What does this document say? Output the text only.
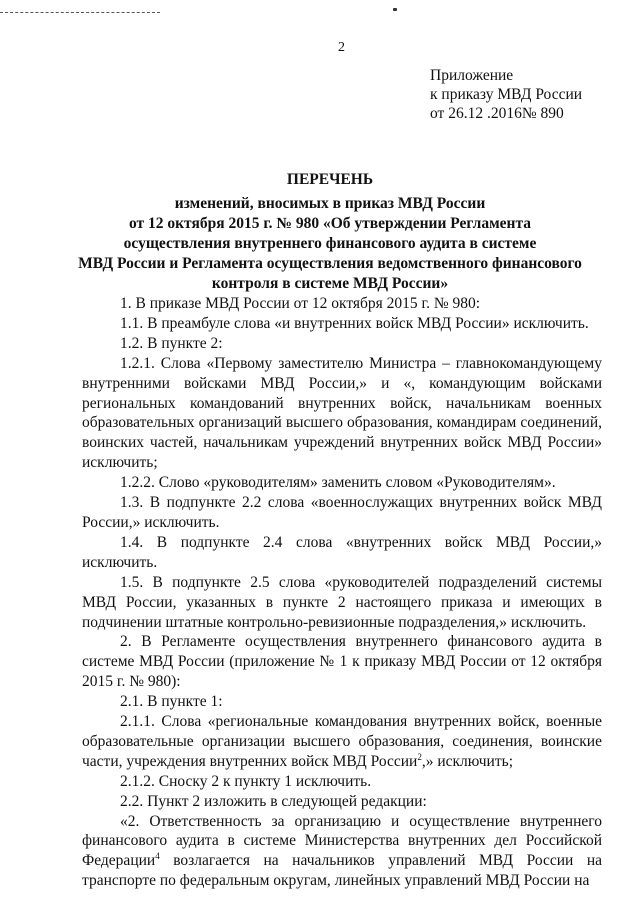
2
Приложение
к приказу МВД России
от 26.12 .2016№ 890
ПЕРЕЧЕНЬ
изменений, вносимых в приказ МВД России
от 12 октября 2015 г. № 980 «Об утверждении Регламента
осуществления внутреннего финансового аудита в системе
МВД России и Регламента осуществления ведомственного финансового
контроля в системе МВД России»

1. В приказе МВД России от 12 октября 2015 г. № 980:

1.1. В преамбуле слова «и внутренних войск МВД России» исключить.

1.2. В пункте 2:

1.2.1. Слова «Первому заместителю Министра – главнокомандующему внутренними войсками МВД России,» и «, командующим войсками региональных командований внутренних войск, начальникам военных образовательных организаций высшего образования, командирам соединений, воинских частей, начальникам учреждений внутренних войск МВД России» исключить;

1.2.2. Слово «руководителям» заменить словом «Руководителям».

1.3. В подпункте 2.2 слова «военнослужащих внутренних войск МВД России,» исключить.

1.4. В подпункте 2.4 слова «внутренних войск МВД России,» исключить.

1.5. В подпункте 2.5 слова «руководителей подразделений системы МВД России, указанных в пункте 2 настоящего приказа и имеющих в подчинении штатные контрольно-ревизионные подразделения,» исключить.

2. В Регламенте осуществления внутреннего финансового аудита в системе МВД России (приложение № 1 к приказу МВД России от 12 октября 2015 г. № 980):

2.1. В пункте 1:

2.1.1. Слова «региональные командования внутренних войск, военные образовательные организации высшего образования, соединения, воинские части, учреждения внутренних войск МВД России$^2$,» исключить;

2.1.2. Сноску 2 к пункту 1 исключить.

2.2. Пункт 2 изложить в следующей редакции:

«2. Ответственность за организацию и осуществление внутреннего финансового аудита в системе Министерства внутренних дел Российской Федерации$^4$ возлагается на начальников управлений МВД России на транспорте по федеральным округам, линейных управлений МВД России на
